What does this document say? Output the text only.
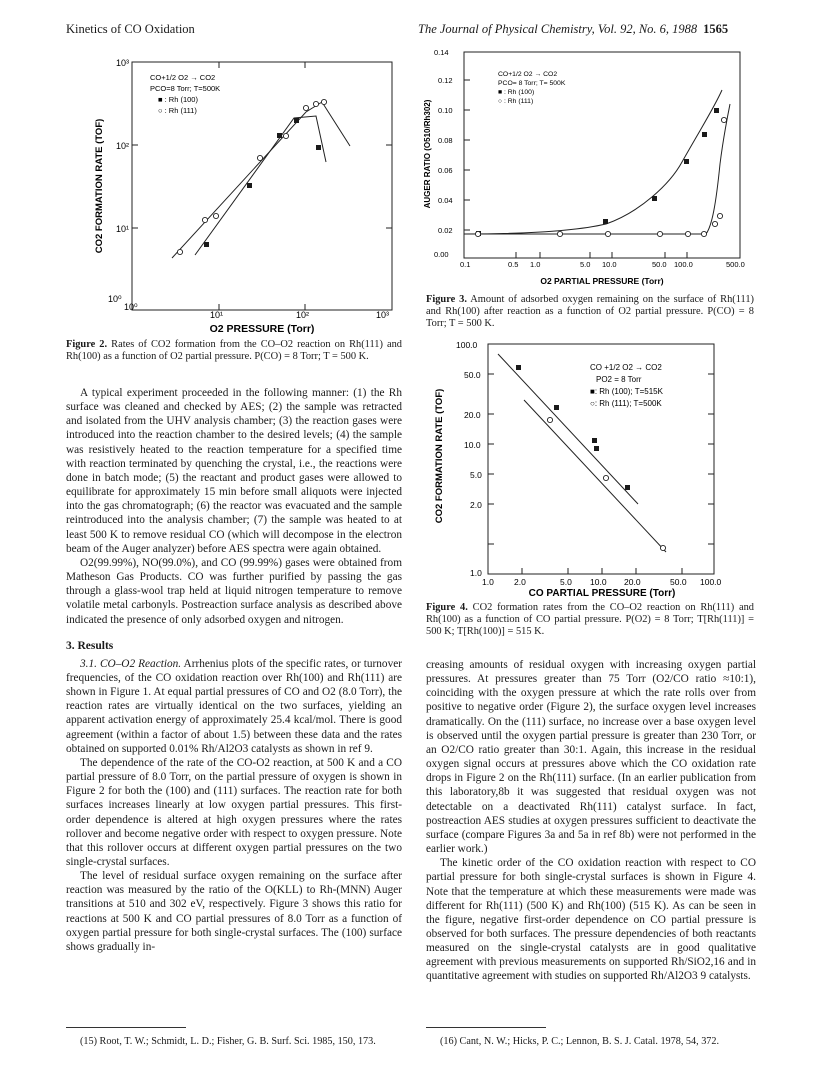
Kinetics of CO Oxidation	The Journal of Physical Chemistry, Vol. 92, No. 6, 1988 1565
10³
10²
10¹
10⁰
10⁰
10¹	10²	10³
O2 PRESSURE (Torr)
CO2 FORMATION RATE (TOF)
CO+1/2 O2 → CO2
PCO=8 Torr; T=500K
■ : Rh (100)
○ : Rh (111)
Figure 2. Rates of CO2 formation from the CO–O2 reaction on Rh(111) and Rh(100) as a function of O2 partial pressure. P(CO) = 8 Torr; T = 500 K.

A typical experiment proceeded in the following manner: (1) the Rh surface was cleaned and checked by AES; (2) the sample was retracted and isolated from the UHV analysis chamber; (3) the reaction gases were introduced into the reaction chamber to the desired levels; (4) the sample was resistively heated to the reaction temperature for a specified time with reaction terminated by quenching the crystal, i.e., the reactions were done in batch mode; (5) the reactant and product gases were allowed to equilibrate for approximately 15 min before small aliquots were injected into the gas chromatograph; (6) the reactor was evacuated and the sample reintroduced into the analysis chamber; (7) the sample was heated to at least 500 K to remove residual CO (which will decompose in the electron beam of the Auger analyzer) before AES spectra were again obtained.

O2(99.99%), NO(99.0%), and CO (99.99%) gases were obtained from Matheson Gas Products. CO was further purified by passing the gas through a glass-wool trap held at liquid nitrogen temperature to remove volatile metal carbonyls. Postreaction surface analysis as described above indicated the presence of only adsorbed oxygen and nitrogen.

3. Results

3.1. CO–O2 Reaction. Arrhenius plots of the specific rates, or turnover frequencies, of the CO oxidation reaction over Rh(100) and Rh(111) are shown in Figure 1. At equal partial pressures of CO and O2 (8.0 Torr), the reaction rates are virtually identical on the two surfaces, yielding an apparent activation energy of approximately 25.4 kcal/mol. There is good agreement (within a factor of about 1.5) between these data and the rates obtained on supported 0.01% Rh/Al2O3 catalysts as shown in ref 9.

The dependence of the rate of the CO-O2 reaction, at 500 K and a CO partial pressure of 8.0 Torr, on the partial pressure of oxygen is shown in Figure 2 for both the (100) and (111) surfaces. The reaction rate for both surfaces increases linearly at low oxygen partial pressures. This first-order dependence is altered at high oxygen pressures where the rates rollover and become negative order with respect to oxygen pressure. Note that this rollover occurs at different oxygen partial pressures on the two single-crystal surfaces.

The level of residual surface oxygen remaining on the surface after reaction was measured by the ratio of the O(KLL) to Rh-(MNN) Auger transitions at 510 and 302 eV, respectively. Figure 3 shows this ratio for reactions at 500 K and CO partial pressures of 8.0 Torr as a function of oxygen partial pressure for both single-crystal surfaces. The (100) surface shows gradually in-

0.14
0.12
0.10
0.08
0.06
0.04
0.02
0.00
0.1	0.5 1.0	5.0 10.0	50.0 100.0	500.0
O2 PARTIAL PRESSURE (Torr)
AUGER RATIO (O510/Rh302)
CO+1/2 O2 → CO2
PCO= 8 Torr; T= 500K
■ : Rh (100)
○ : Rh (111)
Figure 3. Amount of adsorbed oxygen remaining on the surface of Rh(111) and Rh(100) after reaction as a function of O2 partial pressure. P(CO) = 8 Torr; T = 500 K.
100.0
50.0
20.0
10.0
5.0
2.0
1.0
1.0 2.0	5.0 10.0 20.0	50.0 100.0
CO PARTIAL PRESSURE (Torr)
CO2 FORMATION RATE (TOF)
CO +1/2 O2 → CO2
PO2 = 8 Torr
■: Rh (100); T=515K
○: Rh (111); T=500K
Figure 4. CO2 formation rates from the CO–O2 reaction on Rh(111) and Rh(100) as a function of CO partial pressure. P(O2) = 8 Torr; T[Rh(111)] = 500 K; T[Rh(100)] = 515 K.

creasing amounts of residual oxygen with increasing oxygen partial pressures. At pressures greater than 75 Torr (O2/CO ratio ≈10:1), coinciding with the oxygen pressure at which the rate rolls over from positive to negative order (Figure 2), the surface oxygen level increases dramatically. On the (111) surface, no increase over a base oxygen level is observed until the oxygen partial pressure is greater than 230 Torr, or an O2/CO ratio greater than 30:1. Again, this increase in the residual oxygen signal occurs at pressures above which the CO oxidation rate drops in Figure 2 on the Rh(111) surface. (In an earlier publication from this laboratory,8b it was suggested that residual oxygen was not detectable on a deactivated Rh(111) catalyst surface. In fact, postreaction AES studies at oxygen pressures sufficient to deactivate the surface (compare Figures 3a and 5a in ref 8b) were not performed in the earlier work.)

The kinetic order of the CO oxidation reaction with respect to CO partial pressure for both single-crystal surfaces is shown in Figure 4. Note that the temperature at which these measurements were made was different for Rh(111) (500 K) and Rh(100) (515 K). As can be seen in the figure, negative first-order dependence on CO partial pressure is observed for both surfaces. The pressure dependencies of both reactants measured on the single-crystal catalysts are in good qualitative agreement with previous measurements on supported Rh/SiO2,16 and in quantitative agreement with studies on supported Rh/Al2O3 9 catalysts.

(15) Root, T. W.; Schmidt, L. D.; Fisher, G. B. Surf. Sci. 1985, 150, 173.	(16) Cant, N. W.; Hicks, P. C.; Lennon, B. S. J. Catal. 1978, 54, 372.
